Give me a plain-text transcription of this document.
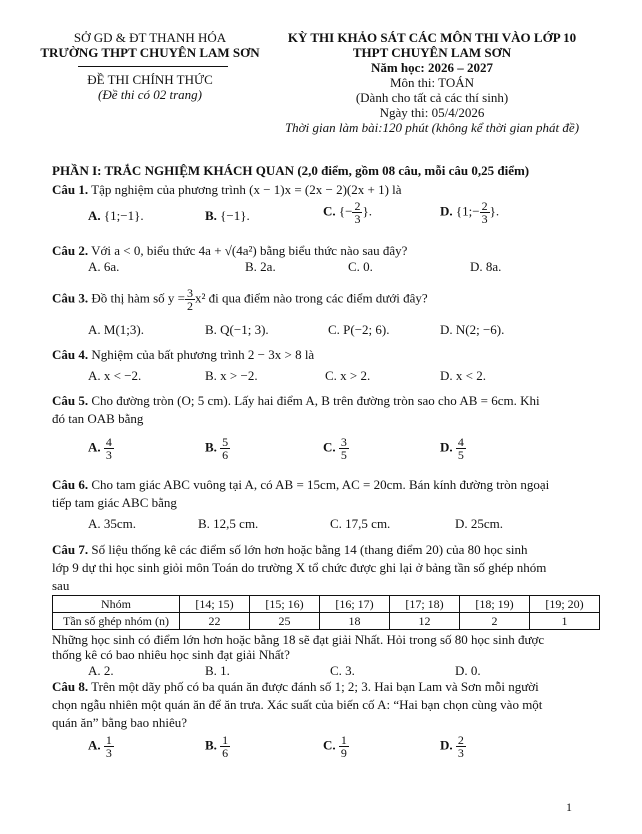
SỞ GD & ĐT THANH HÓA
TRƯỜNG THPT CHUYÊN LAM SƠN
ĐỀ THI CHÍNH THỨC
(Đề thi có 02 trang)
KỲ THI KHẢO SÁT CÁC MÔN THI VÀO LỚP 10
THPT CHUYÊN LAM SƠN
Năm học: 2026 – 2027
Môn thi: TOÁN
(Dành cho tất cả các thí sinh)
Ngày thi: 05/4/2026
Thời gian làm bài:120 phút (không kể thời gian phát đề)
PHẦN I: TRẮC NGHIỆM KHÁCH QUAN (2,0 điểm, gồm 08 câu, mỗi câu 0,25 điểm)
Câu 1. Tập nghiệm của phương trình (x − 1)x = (2x − 2)(2x + 1) là
A. {1;−1}.	B. {−1}.	C. {− $\frac{2}{3}$ }.	D. {1;− $\frac{2}{3}$ }.
Câu 2. Với a < 0, biểu thức 4a + √(4a²) bằng biểu thức nào sau đây?
A. 6a.	B. 2a.	C. 0.	D. 8a.
Câu 3. Đồ thị hàm số $y = \frac{3}{2} x^2$ đi qua điểm nào trong các điểm dưới đây?
A. M(1;3).	B. Q(−1; 3).	C. P(−2; 6).	D. N(2; −6).
Câu 4. Nghiệm của bất phương trình 2 − 3x > 8 là
A. x < −2.	B. x > −2.	C. x > 2.	D. x < 2.
Câu 5. Cho đường tròn (O; 5 cm). Lấy hai điểm A, B trên đường tròn sao cho AB = 6cm. Khi
đó tan OAB bằng
A. $\frac{4}{3}$	B. $\frac{5}{6}$	C. $\frac{3}{5}$	D. $\frac{4}{5}$
Câu 6. Cho tam giác ABC vuông tại A, có AB = 15cm, AC = 20cm. Bán kính đường tròn ngoại
tiếp tam giác ABC bằng
A. 35cm.	B. 12,5 cm.	C. 17,5 cm.	D. 25cm.
Câu 7. Số liệu thống kê các điểm số lớn hơn hoặc bằng 14 (thang điểm 20) của 80 học sinh
lớp 9 dự thi học sinh giỏi môn Toán do trường X tổ chức được ghi lại ở bảng tần số ghép nhóm
sau
Nhóm	[14; 15)	[15; 16)	[16; 17)	[17; 18)	[18; 19)	[19; 20)
Tần số ghép nhóm (n)	22	25	18	12	2	1
Những học sinh có điểm lớn hơn hoặc bằng 18 sẽ đạt giải Nhất. Hỏi trong số 80 học sinh được
thống kê có bao nhiêu học sinh đạt giải Nhất?
A. 2.	B. 1.	C. 3.	D. 0.
Câu 8. Trên một dãy phố có ba quán ăn được đánh số 1; 2; 3. Hai bạn Lam và Sơn mỗi người
chọn ngẫu nhiên một quán ăn để ăn trưa. Xác suất của biến cố A: “Hai bạn chọn cùng vào một
quán ăn” bằng bao nhiêu?
A. $\frac{1}{3}$	B. $\frac{1}{6}$	C. $\frac{1}{9}$	D. $\frac{2}{3}$
1
